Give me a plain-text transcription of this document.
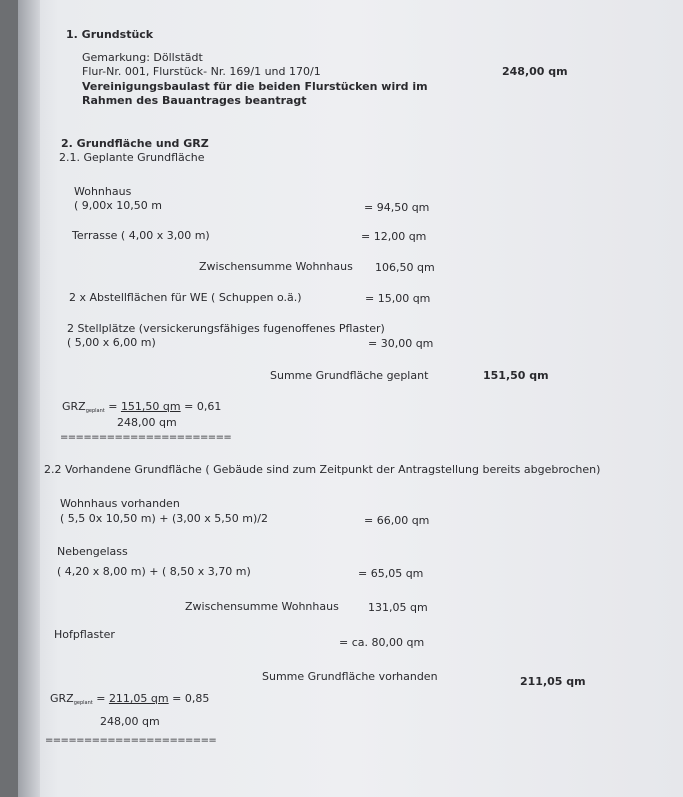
1. Grundstück
Gemarkung: Döllstädt
Flur-Nr. 001, Flurstück- Nr. 169/1 und 170/1	248,00 qm
Vereinigungsbaulast für die beiden Flurstücken wird im
Rahmen des Bauantrages beantragt
2. Grundfläche und GRZ
2.1. Geplante Grundfläche
Wohnhaus
( 9,00x 10,50 m	= 94,50 qm
Terrasse ( 4,00 x 3,00 m)	= 12,00 qm
Zwischensumme Wohnhaus 106,50 qm
2 x Abstellflächen für WE ( Schuppen o.ä.)	= 15,00 qm
2 Stellplätze (versickerungsfähiges fugenoffenes Pflaster)
( 5,00 x 6,00 m)	= 30,00 qm
Summe Grundfläche geplant	151,50 qm
$GRZ_{geplant} = 151,50$ qm = 0,61
248,00 qm
======================
2.2 Vorhandene Grundfläche ( Gebäude sind zum Zeitpunkt der Antragstellung bereits abgebrochen)
Wohnhaus vorhanden
( 5,5 0x 10,50 m) + (3,00 x 5,50 m)/2	= 66,00 qm
Nebengelass
( 4,20 x 8,00 m) + ( 8,50 x 3,70 m)	= 65,05 qm
Zwischensumme Wohnhaus	131,05 qm
Hofpflaster
= ca. 80,00 qm
Summe Grundfläche vorhanden	211,05 qm
$GRZ_{geplant} = 211,05$ qm = 0,85
248,00 qm
======================
